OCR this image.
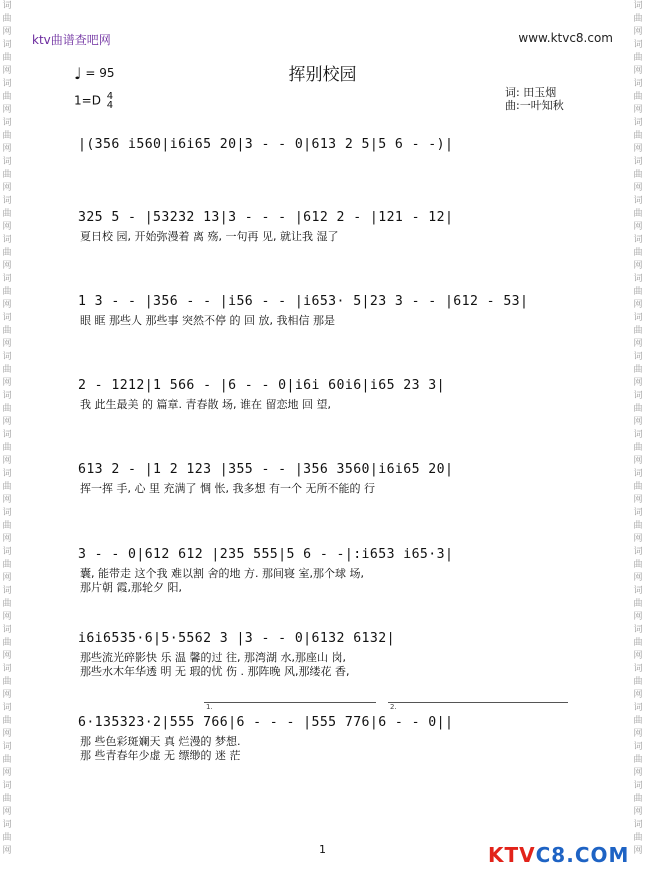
词
曲
网
词
曲
网
词
曲
网
词
曲
网
词
曲
网
词
曲
网
词
曲
网
词
曲
网
词
曲
网
词
曲
网
词
曲
网
词
曲
网
词
曲
网
词
曲
网
词
曲
网
词
曲
网
词
曲
网
词
曲
网
词
曲
网
词
曲
网
词
曲
网
词
曲
网
词
曲
网
词
曲
网
词
曲
网
词
曲
网
词
曲
网
词
曲
网
词
曲
网
词
曲
网
词
曲
网
词
曲
网
词
曲
网
词
曲
网
词
曲
网
词
曲
网
词
曲
网
词
曲
网
词
曲
网
词
曲
网
词
曲
网
词
曲
网
词
曲
网
词
曲
网
ktv曲谱查吧网	www.ktvc8.com
♩ = 95	挥别校园
1=D 4
4
词: 田玉烟
曲:一叶知秋
|(356 i560|i6i65 20|3 - - 0|613 2 5|5 6 - -)|
325 5 - |53232 13|3 - - - |612 2 - |121 - 12|
夏日校 园, 开始弥漫着 离 殇, 一句再 见, 就让我 湿了
1 3 - - |356 - - |i56 - - |i653· 5|23 3 - - |612 - 53|
眼 眶 那些人 那些事 突然不停 的 回 放, 我相信 那是
2 - 1212|1 566 - |6 - - 0|i6i 60i6|i65 23 3|
我 此生最美 的 篇章. 青春散 场, 谁在 留恋地 回 望,
613 2 - |1 2 123 |355 - - |356 3560|i6i65 20|
挥一挥 手, 心 里 充满了 惆 怅, 我多想 有一个 无所不能的 行
3 - - 0|612 612 |235 555|5 6 - -|:i653 i65·3|
囊, 能带走 这个我 难以割 舍的地 方. 那间寝 室,那个球 场,
那片朝 霞,那轮夕 阳,
i6i6535·6|5·5562 3 |3 - - 0|6132 6132|
那些流光碎影快 乐 温 馨的过 往, 那湾湖 水,那座山 岗,
那些水木年华透 明 无 瑕的忧 伤 . 那阵晚 风,那缕花 香,
1.	2.
6·135323·2|555 766|6 - - - |555 776|6 - - 0||
那 些色彩斑斓天 真 烂漫的 梦想.
那 些青春年少虚 无 缥缈的 迷 茫
1	KTVC8.COM
